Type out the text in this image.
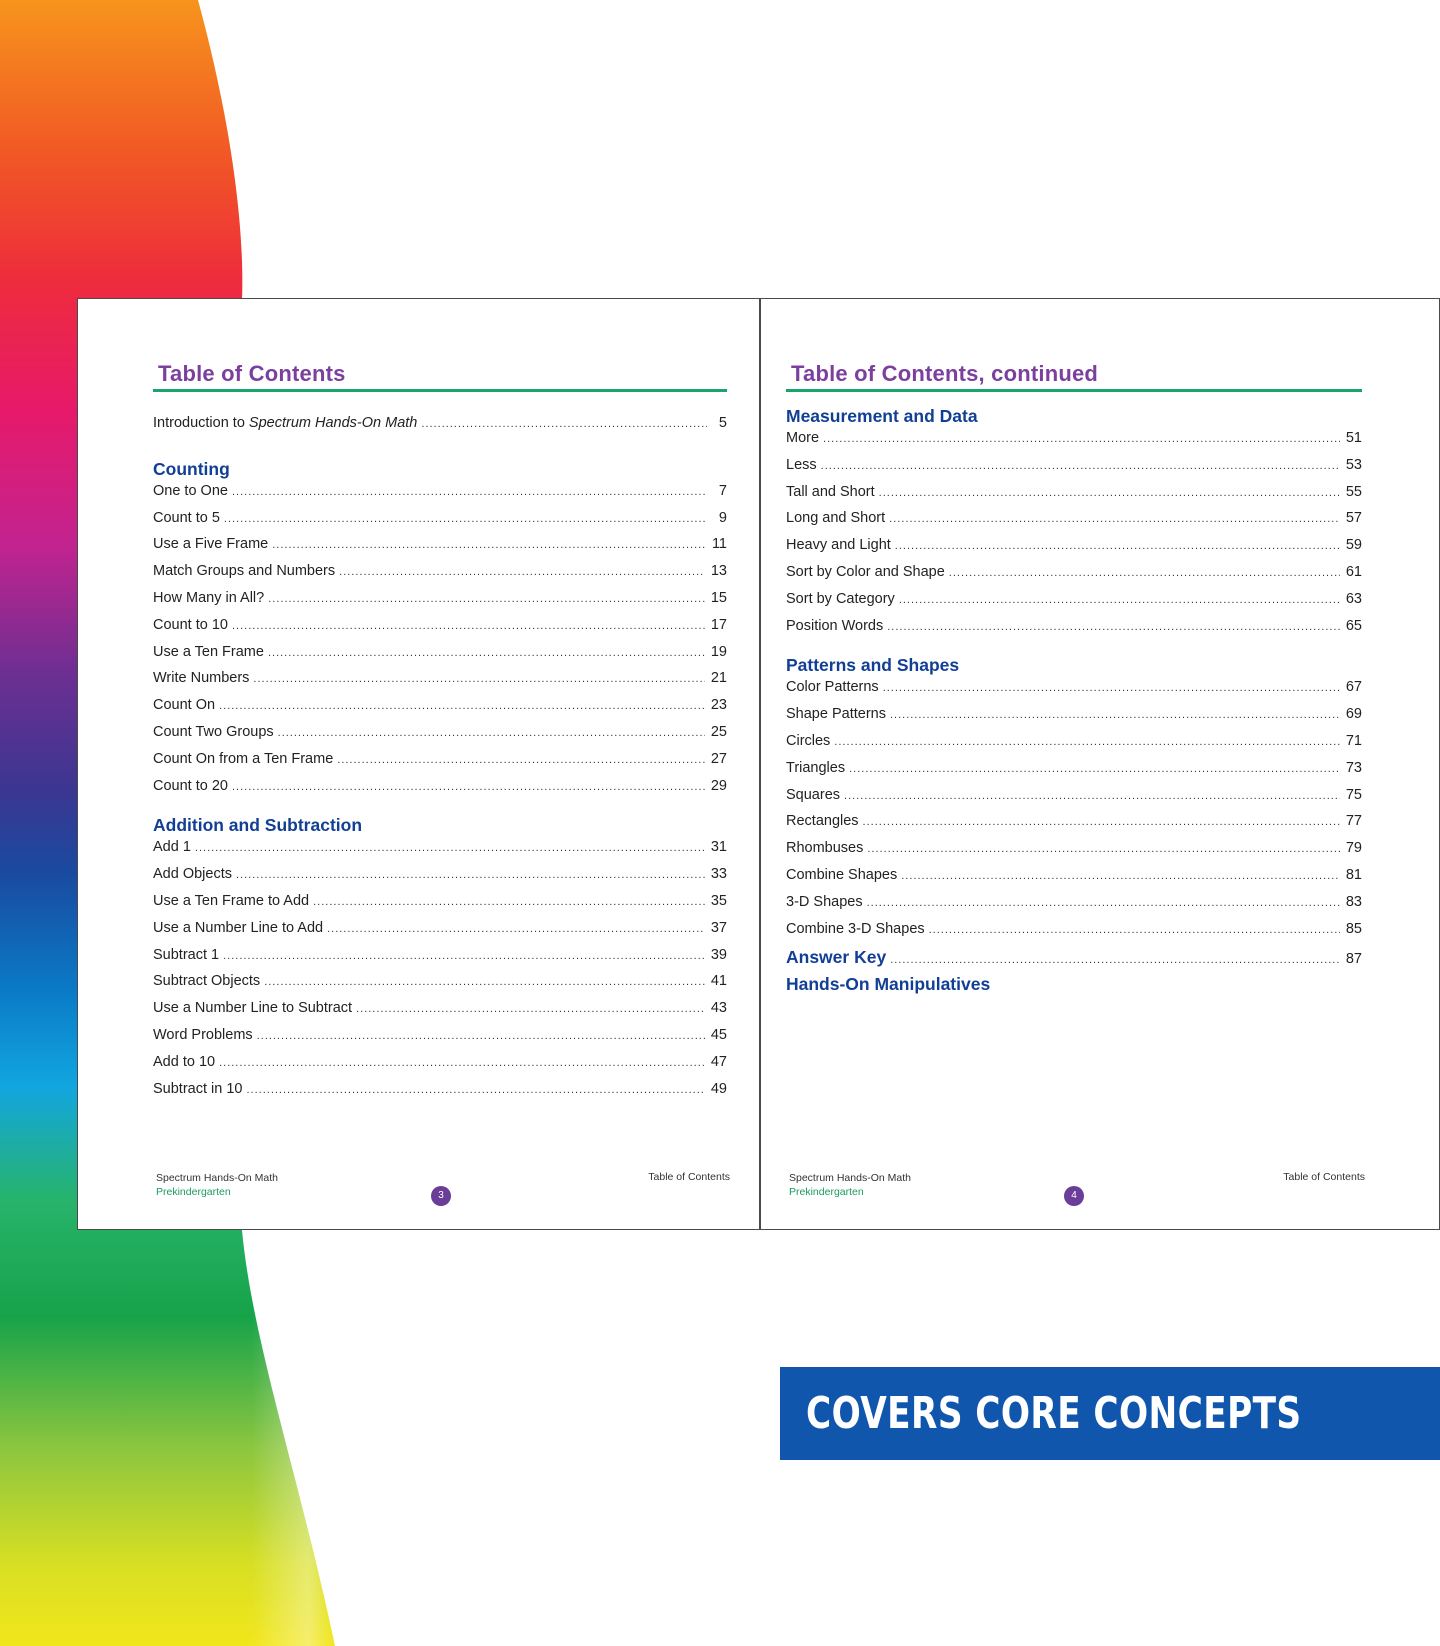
Table of Contents
Introduction to Spectrum Hands-On Math .....	5
Counting
One to One .....	7
Count to 5 .....	9
Use a Five Frame .....	11
Match Groups and Numbers .....	13
How Many in All? .....	15
Count to 10 .....	17
Use a Ten Frame .....	19
Write Numbers .....	21
Count On .....	23
Count Two Groups .....	25
Count On from a Ten Frame .....	27
Count to 20 .....	29
Addition and Subtraction
Add 1 .....	31
Add Objects .....	33
Use a Ten Frame to Add .....	35
Use a Number Line to Add .....	37
Subtract 1 .....	39
Subtract Objects .....	41
Use a Number Line to Subtract .....	43
Word Problems .....	45
Add to 10 .....	47
Subtract in 10 .....	49
Spectrum Hands-On Math
Prekindergarten	3
Table of Contents
Table of Contents, continued
Measurement and Data
More .....	51
Less .....	53
Tall and Short .....	55
Long and Short .....	57
Heavy and Light .....	59
Sort by Color and Shape .....	61
Sort by Category .....	63
Position Words .....	65
Patterns and Shapes
Color Patterns .....	67
Shape Patterns .....	69
Circles .....	71
Triangles .....	73
Squares .....	75
Rectangles .....	77
Rhombuses .....	79
Combine Shapes .....	81
3-D Shapes .....	83
Combine 3-D Shapes .....	85
Answer Key .....	87
Hands-On Manipulatives
Spectrum Hands-On Math
Prekindergarten	4
Table of Contents
COVERS CORE CONCEPTS
